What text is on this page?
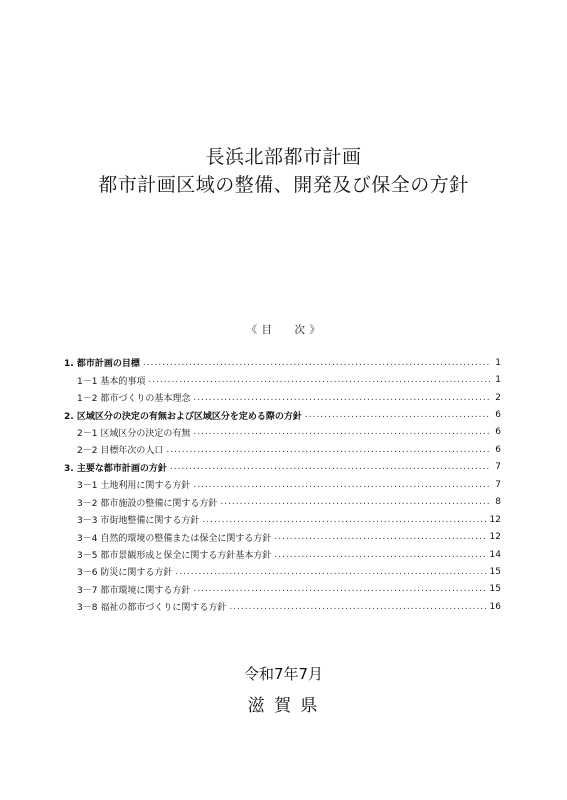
長浜北部都市計画
都市計画区域の整備、開発及び保全の方針
《 目 次 》
1. 都市計画の目標 .....	1
1－1 基本的事項 .....	1
1－2 都市づくりの基本理念 .....	2
2. 区域区分の決定の有無および区域区分を定める際の方針 .....	6
2－1 区域区分の決定の有無 .....	6
2－2 目標年次の人口 .....	6
3. 主要な都市計画の方針 .....	7
3－1 土地利用に関する方針 .....	7
3－2 都市施設の整備に関する方針 .....	8
3－3 市街地整備に関する方針 .....	12
3－4 自然的環境の整備または保全に関する方針 .....	12
3－5 都市景観形成と保全に関する方針基本方針 .....	14
3－6 防災に関する方針 .....	15
3－7 都市環境に関する方針 .....	15
3－8 福祉の都市づくりに関する方針 .....	16
令和7年7月
滋 賀 県
